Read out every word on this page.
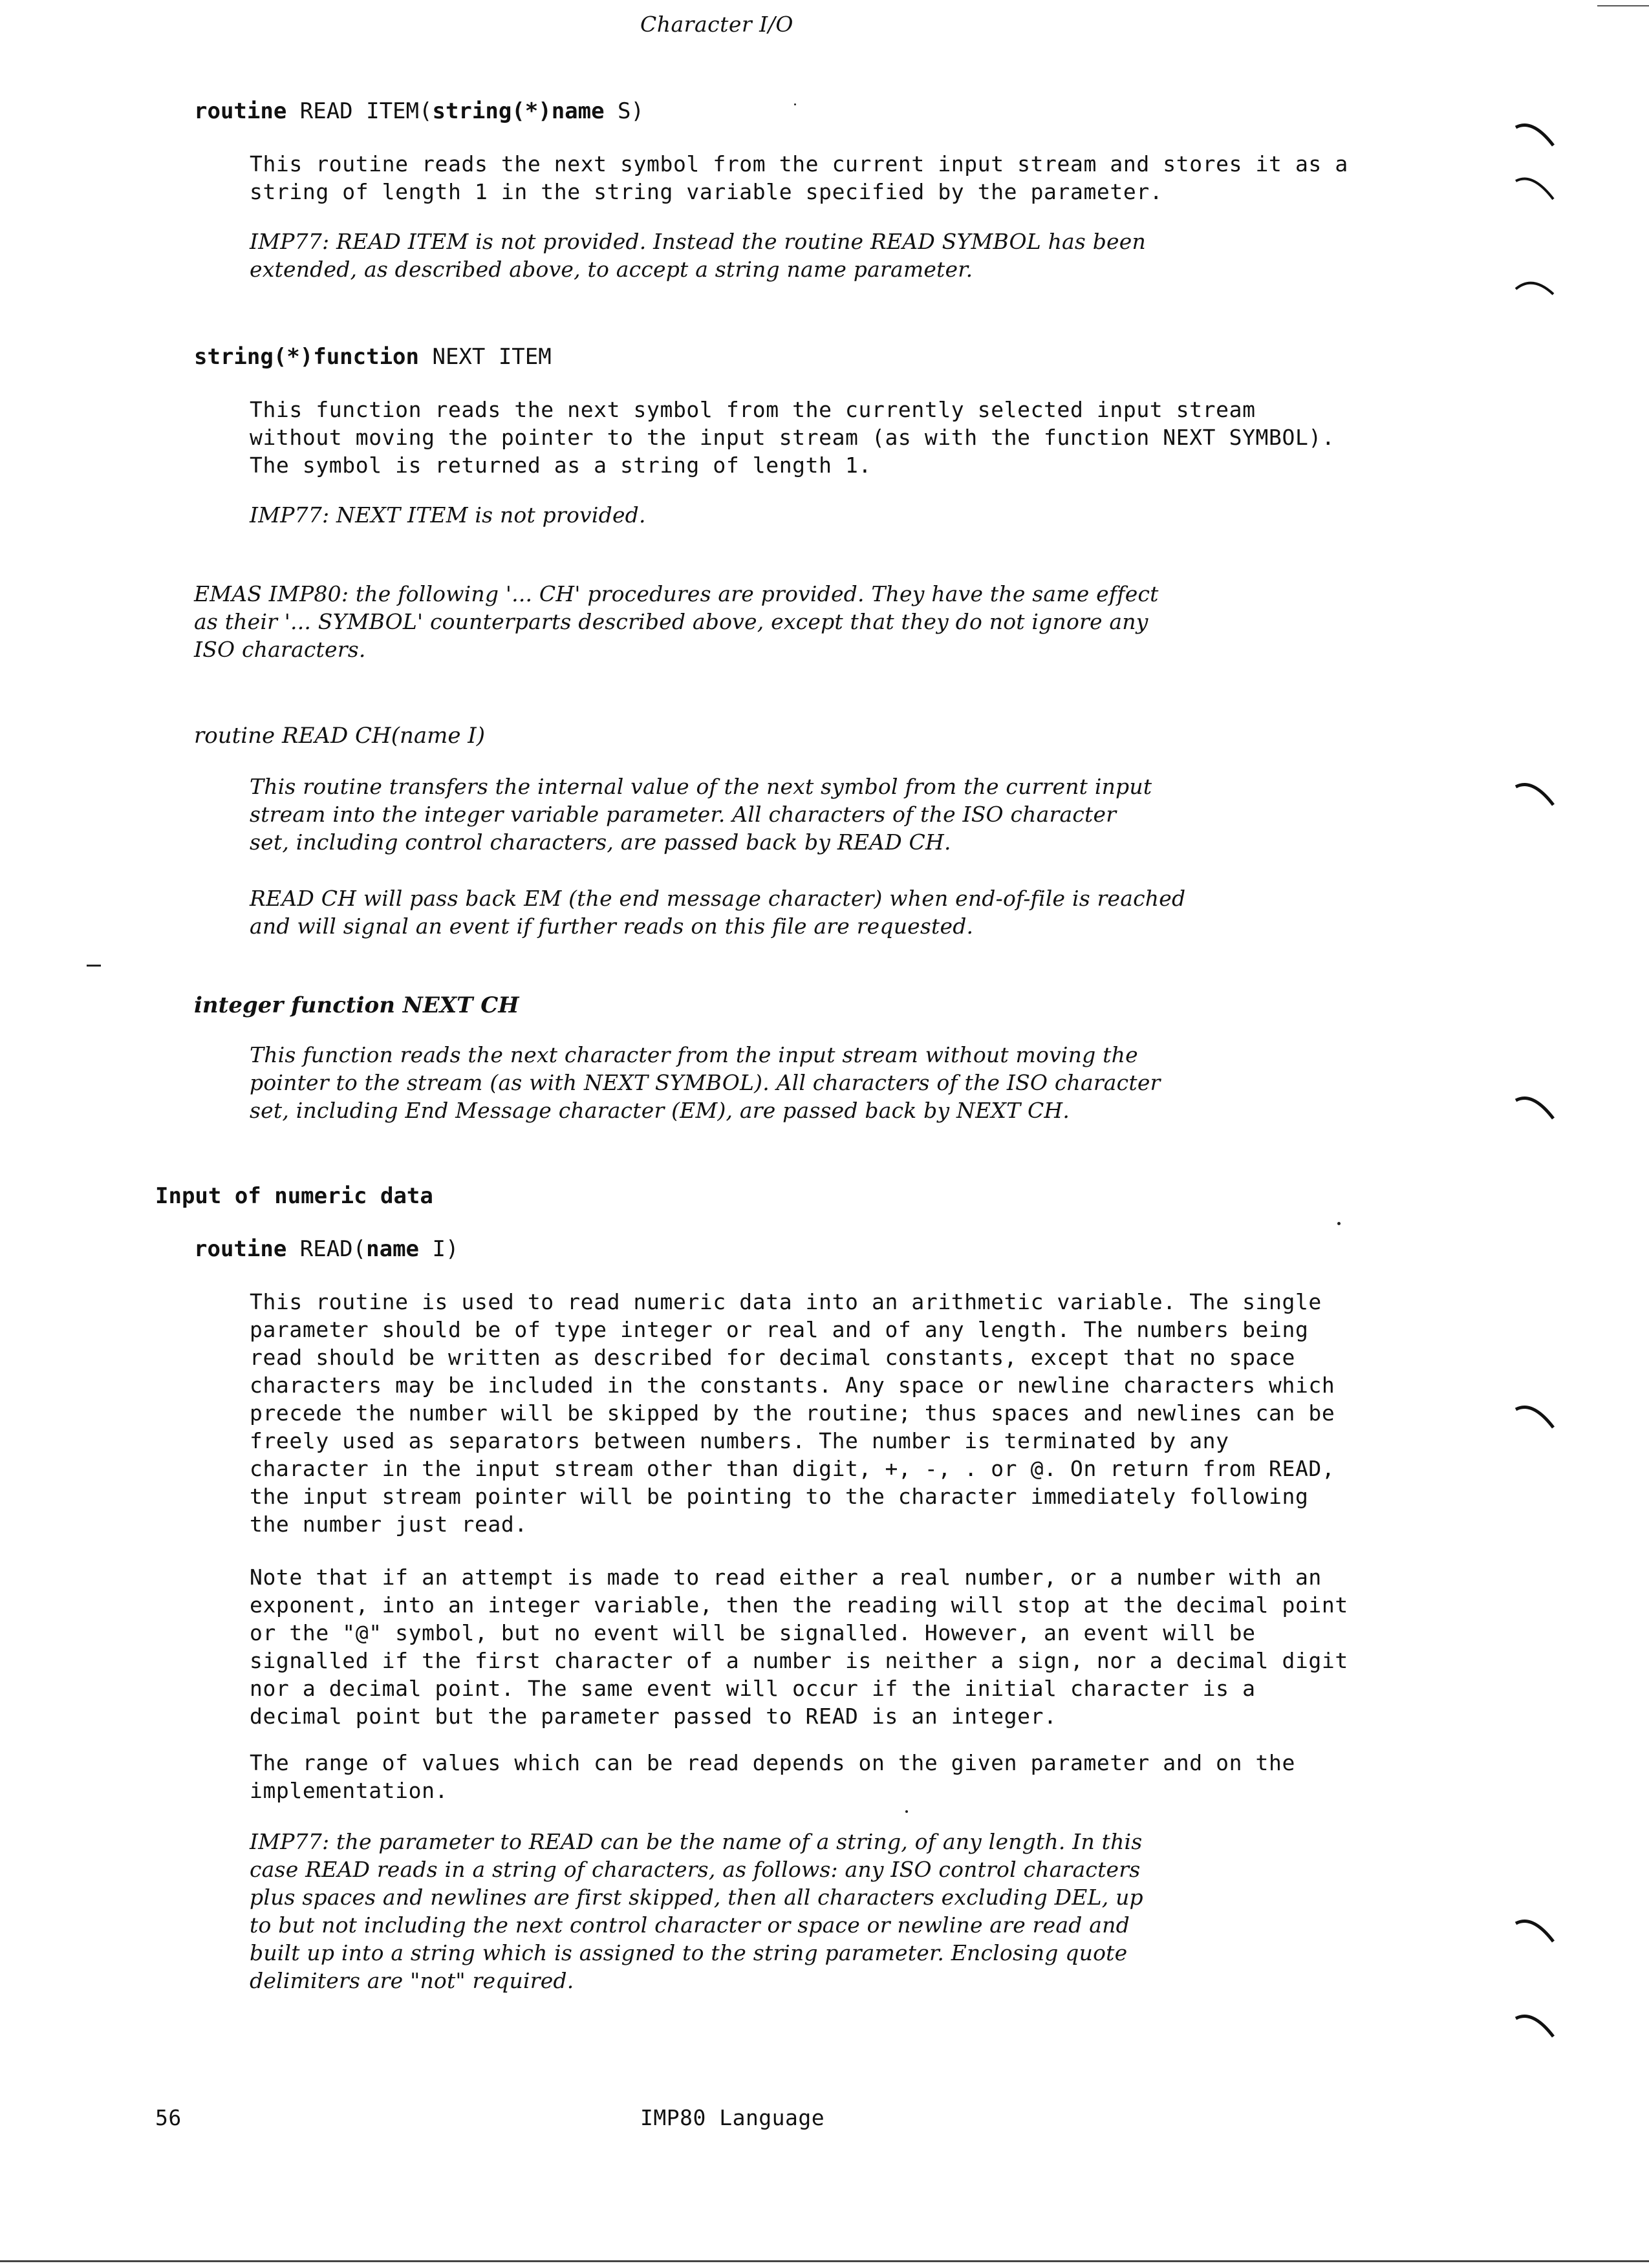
Character I/O
routine READ ITEM(string(*)name S)

This routine reads the next symbol from the current input stream and stores it as a
string of length 1 in the string variable specified by the parameter.

IMP77: READ ITEM is not provided. Instead the routine READ SYMBOL has been
extended, as described above, to accept a string name parameter.

string(*)function NEXT ITEM

This function reads the next symbol from the currently selected input stream
without moving the pointer to the input stream (as with the function NEXT SYMBOL).
The symbol is returned as a string of length 1.

IMP77: NEXT ITEM is not provided.

EMAS IMP80: the following '... CH' procedures are provided. They have the same effect
as their '... SYMBOL' counterparts described above, except that they do not ignore any
ISO characters.

routine READ CH(name I)

This routine transfers the internal value of the next symbol from the current input
stream into the integer variable parameter. All characters of the ISO character
set, including control characters, are passed back by READ CH.

READ CH will pass back EM (the end message character) when end-of-file is reached
and will signal an event if further reads on this file are requested.

integer function NEXT CH

This function reads the next character from the input stream without moving the
pointer to the stream (as with NEXT SYMBOL). All characters of the ISO character
set, including End Message character (EM), are passed back by NEXT CH.

Input of numeric data
routine READ(name I)

This routine is used to read numeric data into an arithmetic variable. The single
parameter should be of type integer or real and of any length. The numbers being
read should be written as described for decimal constants, except that no space
characters may be included in the constants. Any space or newline characters which
precede the number will be skipped by the routine; thus spaces and newlines can be
freely used as separators between numbers. The number is terminated by any
character in the input stream other than digit, +, -, . or @. On return from READ,
the input stream pointer will be pointing to the character immediately following
the number just read.

Note that if an attempt is made to read either a real number, or a number with an
exponent, into an integer variable, then the reading will stop at the decimal point
or the "@" symbol, but no event will be signalled. However, an event will be
signalled if the first character of a number is neither a sign, nor a decimal digit
nor a decimal point. The same event will occur if the initial character is a
decimal point but the parameter passed to READ is an integer.

The range of values which can be read depends on the given parameter and on the
implementation.

IMP77: the parameter to READ can be the name of a string, of any length. In this
case READ reads in a string of characters, as follows: any ISO control characters
plus spaces and newlines are first skipped, then all characters excluding DEL, up
to but not including the next control character or space or newline are read and
built up into a string which is assigned to the string parameter. Enclosing quote
delimiters are "not" required.

56	IMP80 Language
